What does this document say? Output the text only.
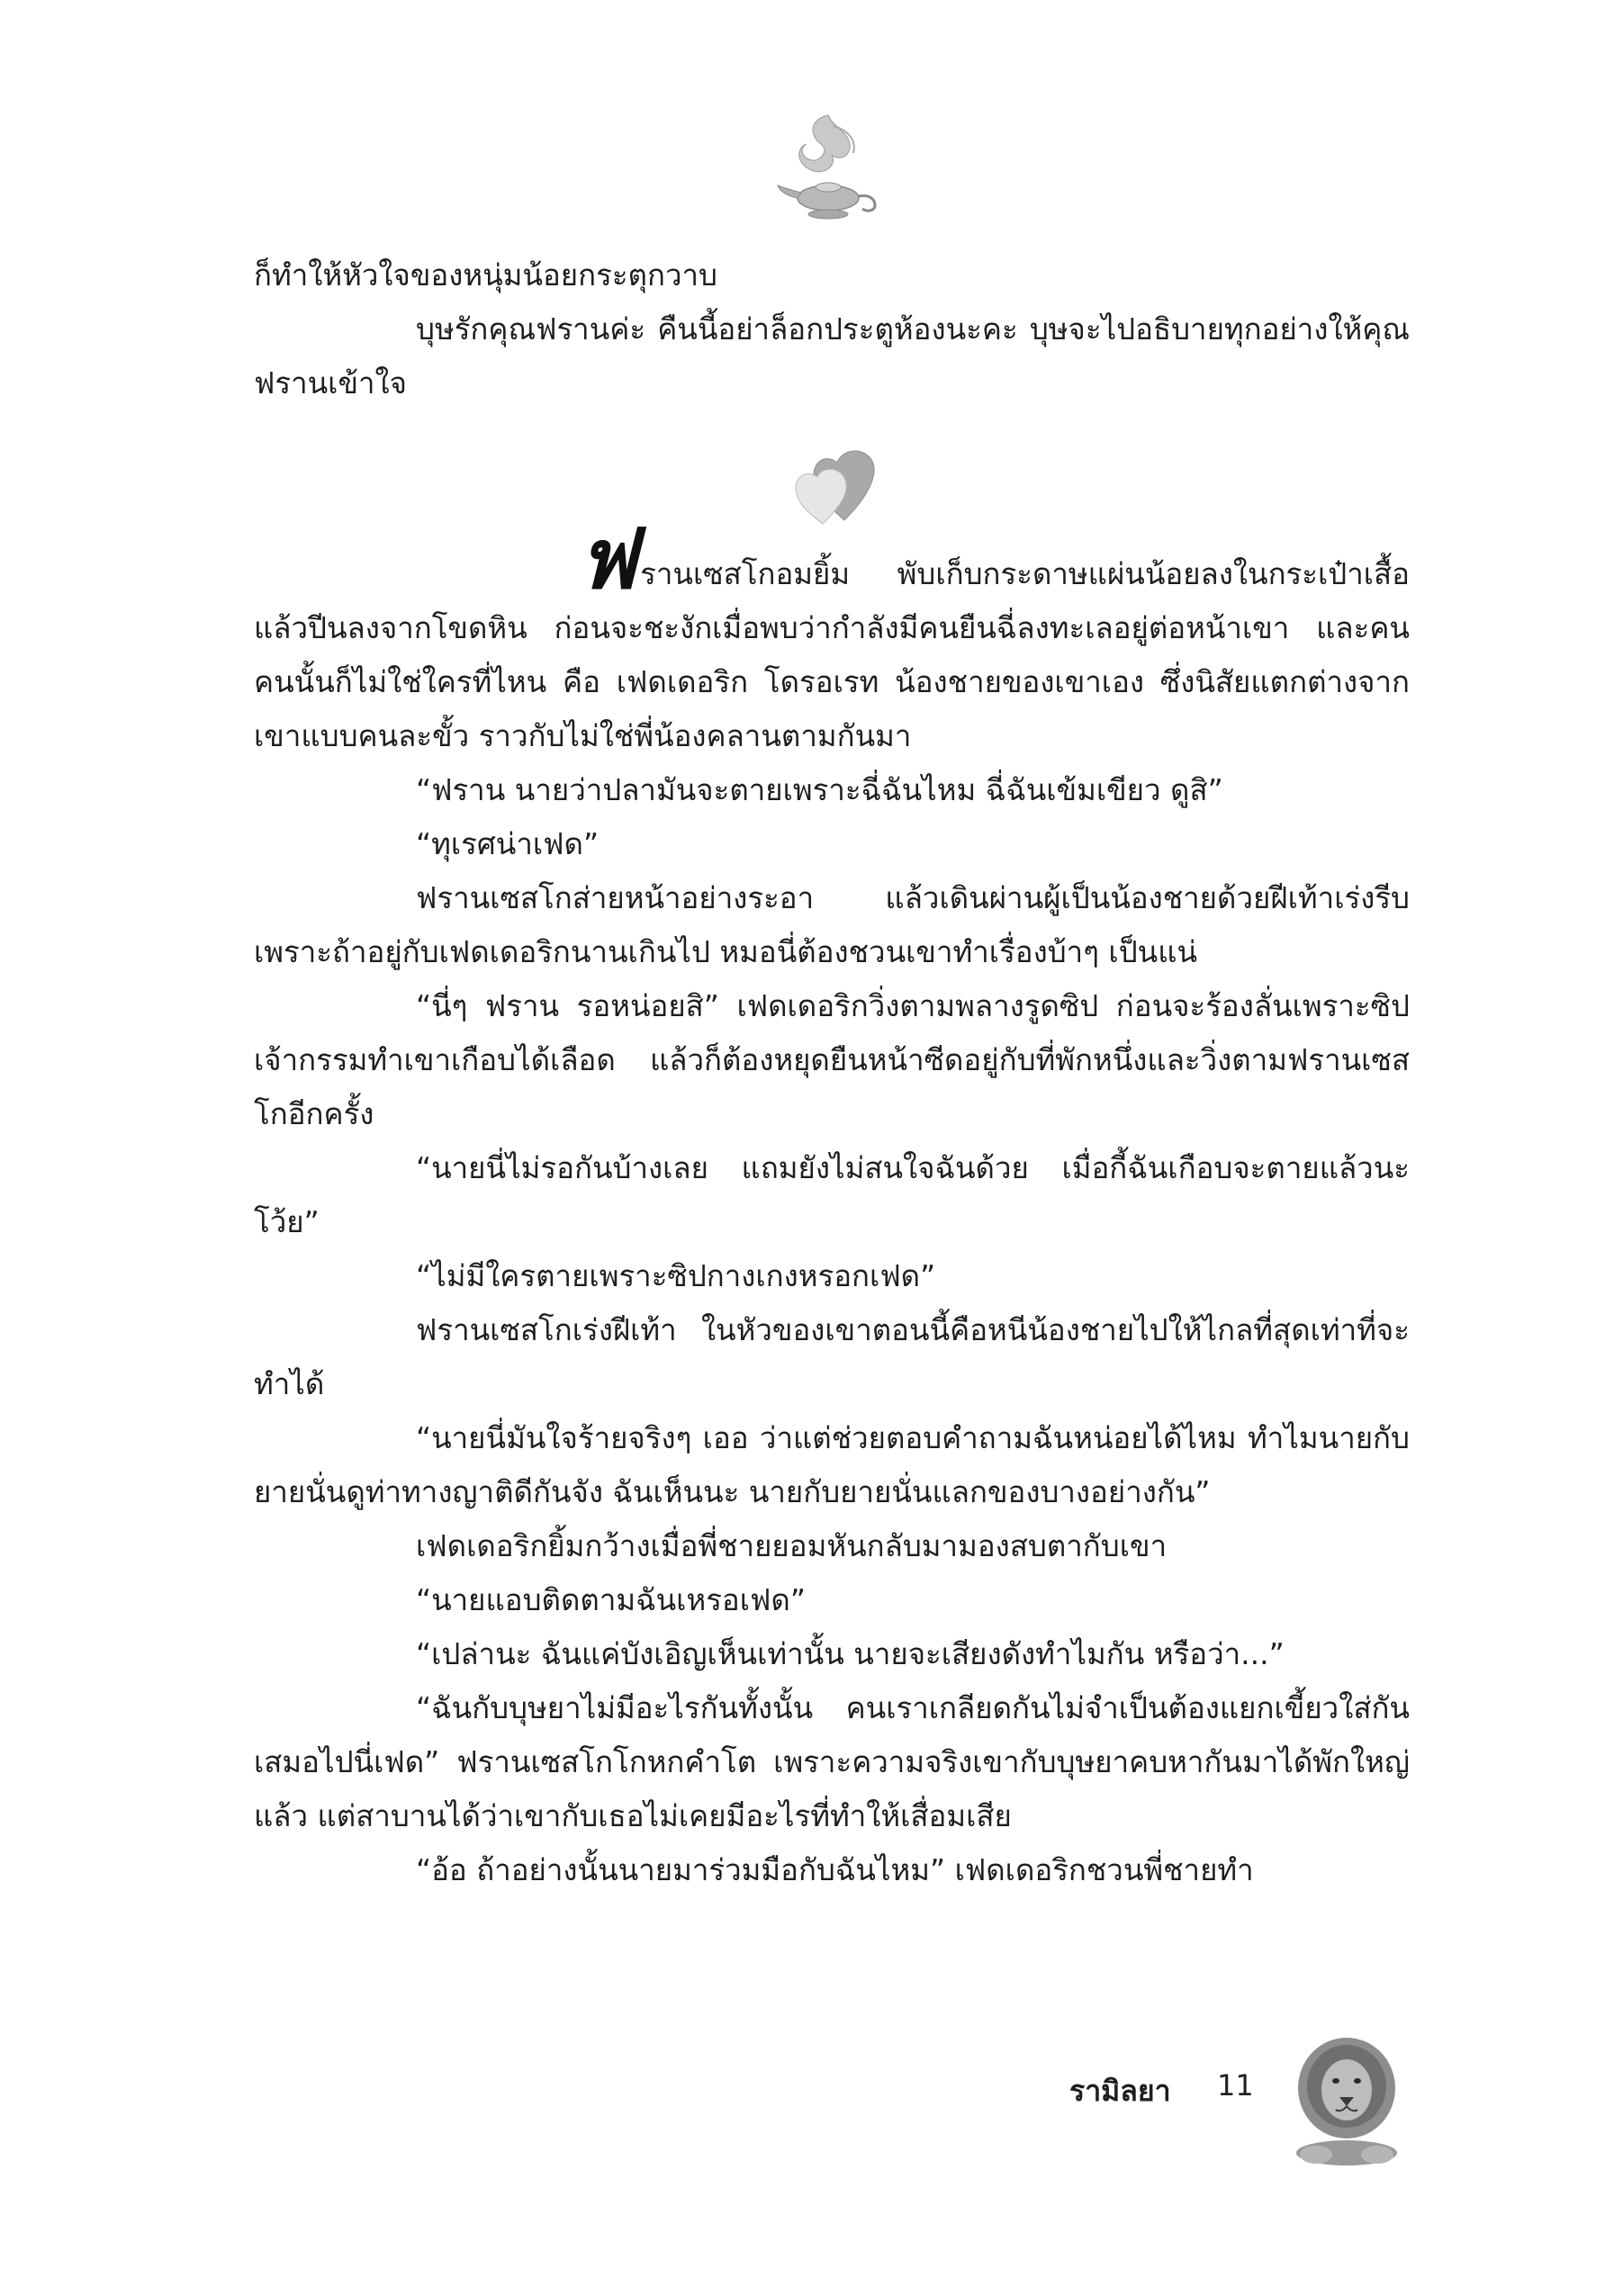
ก็ทำให้หัวใจของหนุ่มน้อยกระตุกวาบ

บุษรักคุณฟรานค่ะ คืนนี้อย่าล็อกประตูห้องนะคะ บุษจะไปอธิบายทุกอย่างให้คุณฟรานเข้าใจ

ฟรานเซสโกอมยิ้ม พับเก็บกระดาษแผ่นน้อยลงในกระเป๋าเสื้อ แล้วปีนลงจากโขดหิน ก่อนจะชะงักเมื่อพบว่ากำลังมีคนยืนฉี่ลงทะเลอยู่ต่อหน้าเขา และคนคนนั้นก็ไม่ใช่ใครที่ไหน คือ เฟดเดอริก โดรอเรท น้องชายของเขาเอง ซึ่งนิสัยแตกต่างจากเขาแบบคนละขั้ว ราวกับไม่ใช่พี่น้องคลานตามกันมา

“ฟราน นายว่าปลามันจะตายเพราะฉี่ฉันไหม ฉี่ฉันเข้มเขียว ดูสิ”

“ทุเรศน่าเฟด”

ฟรานเซสโกส่ายหน้าอย่างระอา แล้วเดินผ่านผู้เป็นน้องชายด้วยฝีเท้าเร่งรีบ เพราะถ้าอยู่กับเฟดเดอริกนานเกินไป หมอนี่ต้องชวนเขาทำเรื่องบ้าๆ เป็นแน่

“นี่ๆ ฟราน รอหน่อยสิ” เฟดเดอริกวิ่งตามพลางรูดซิป ก่อนจะร้องลั่นเพราะซิปเจ้ากรรมทำเขาเกือบได้เลือด แล้วก็ต้องหยุดยืนหน้าซีดอยู่กับที่พักหนึ่งและวิ่งตามฟรานเซสโกอีกครั้ง

“นายนี่ไม่รอกันบ้างเลย แถมยังไม่สนใจฉันด้วย เมื่อกี้ฉันเกือบจะตายแล้วนะโว้ย”

“ไม่มีใครตายเพราะซิปกางเกงหรอกเฟด”

ฟรานเซสโกเร่งฝีเท้า ในหัวของเขาตอนนี้คือหนีน้องชายไปให้ไกลที่สุดเท่าที่จะทำได้

“นายนี่มันใจร้ายจริงๆ เออ ว่าแต่ช่วยตอบคำถามฉันหน่อยได้ไหม ทำไมนายกับยายนั่นดูท่าทางญาติดีกันจัง ฉันเห็นนะ นายกับยายนั่นแลกของบางอย่างกัน”

เฟดเดอริกยิ้มกว้างเมื่อพี่ชายยอมหันกลับมามองสบตากับเขา

“นายแอบติดตามฉันเหรอเฟด”

“เปล่านะ ฉันแค่บังเอิญเห็นเท่านั้น นายจะเสียงดังทำไมกัน หรือว่า...”

“ฉันกับบุษยาไม่มีอะไรกันทั้งนั้น คนเราเกลียดกันไม่จำเป็นต้องแยกเขี้ยวใส่กันเสมอไปนี่เฟด” ฟรานเซสโกโกหกคำโต เพราะความจริงเขากับบุษยาคบหากันมาได้พักใหญ่แล้ว แต่สาบานได้ว่าเขากับเธอไม่เคยมีอะไรที่ทำให้เสื่อมเสีย

“อ้อ ถ้าอย่างนั้นนายมาร่วมมือกับฉันไหม” เฟดเดอริกชวนพี่ชายทำ

รามิลยา 11
